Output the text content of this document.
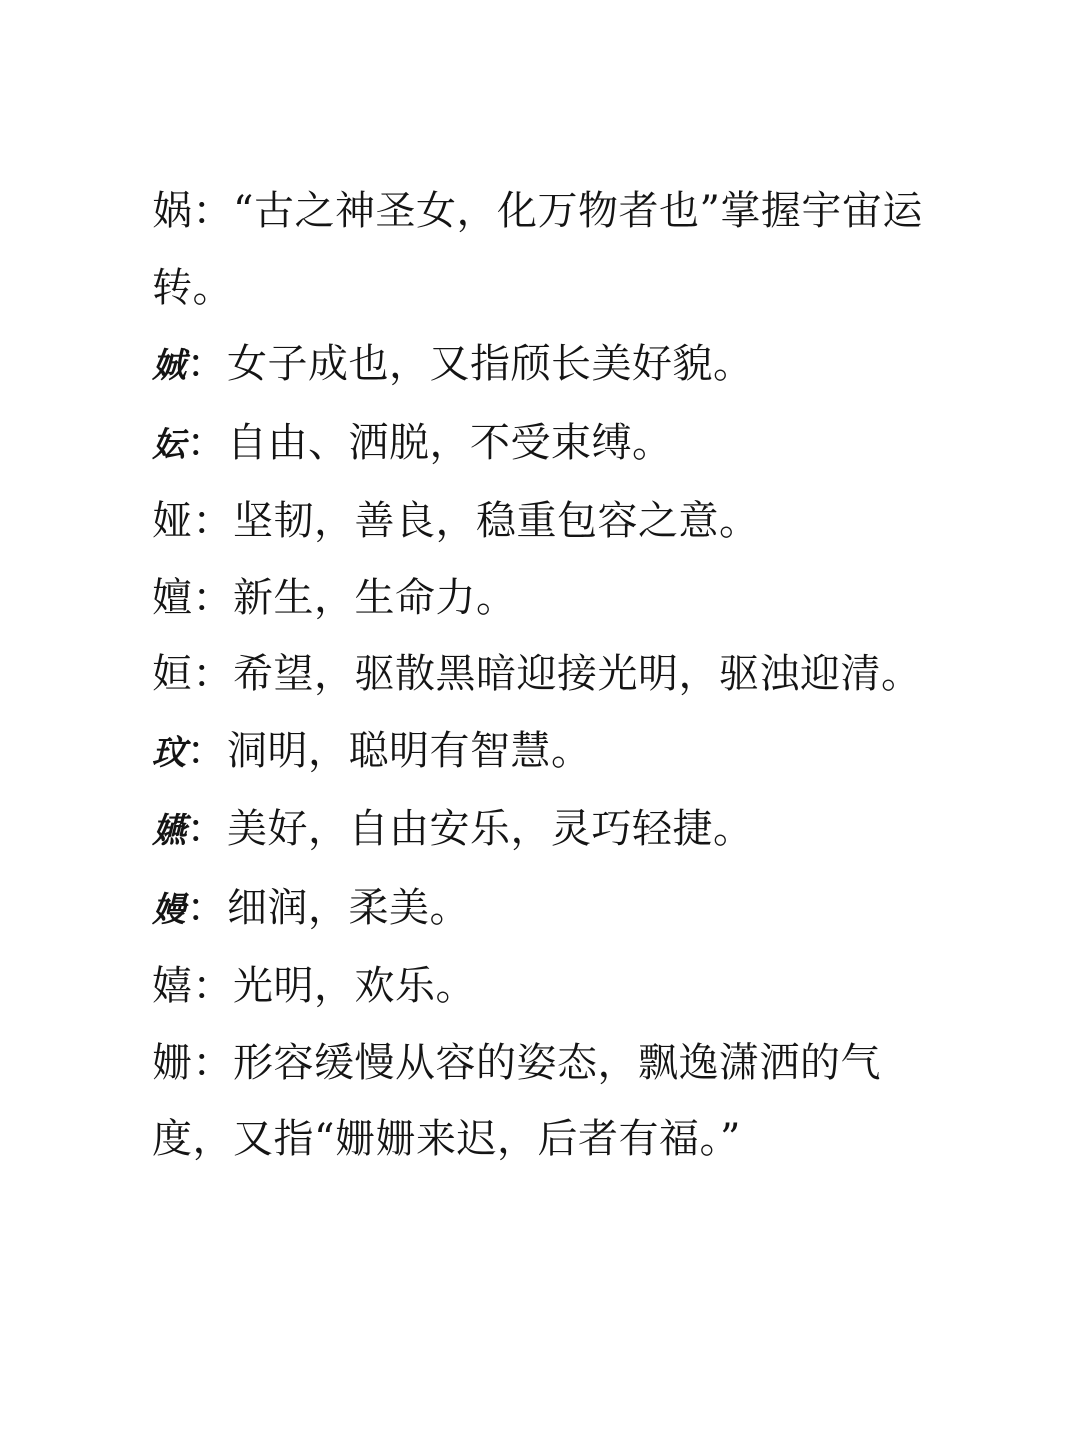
娲：“古之神圣女，化万物者也”掌握宇宙运转。

娍：女子成也，又指颀长美好貌。

妘：自由、洒脱，不受束缚。

娅：坚韧，善良，稳重包容之意。

嬗：新生，生命力。

姮：希望，驱散黑暗迎接光明，驱浊迎清。

玟：洞明，聪明有智慧。

嬿：美好，自由安乐，灵巧轻捷。

嫚：细润，柔美。

嬉：光明，欢乐。

姗：形容缓慢从容的姿态，飘逸潇洒的气度，又指“姗姗来迟，后者有福。”
